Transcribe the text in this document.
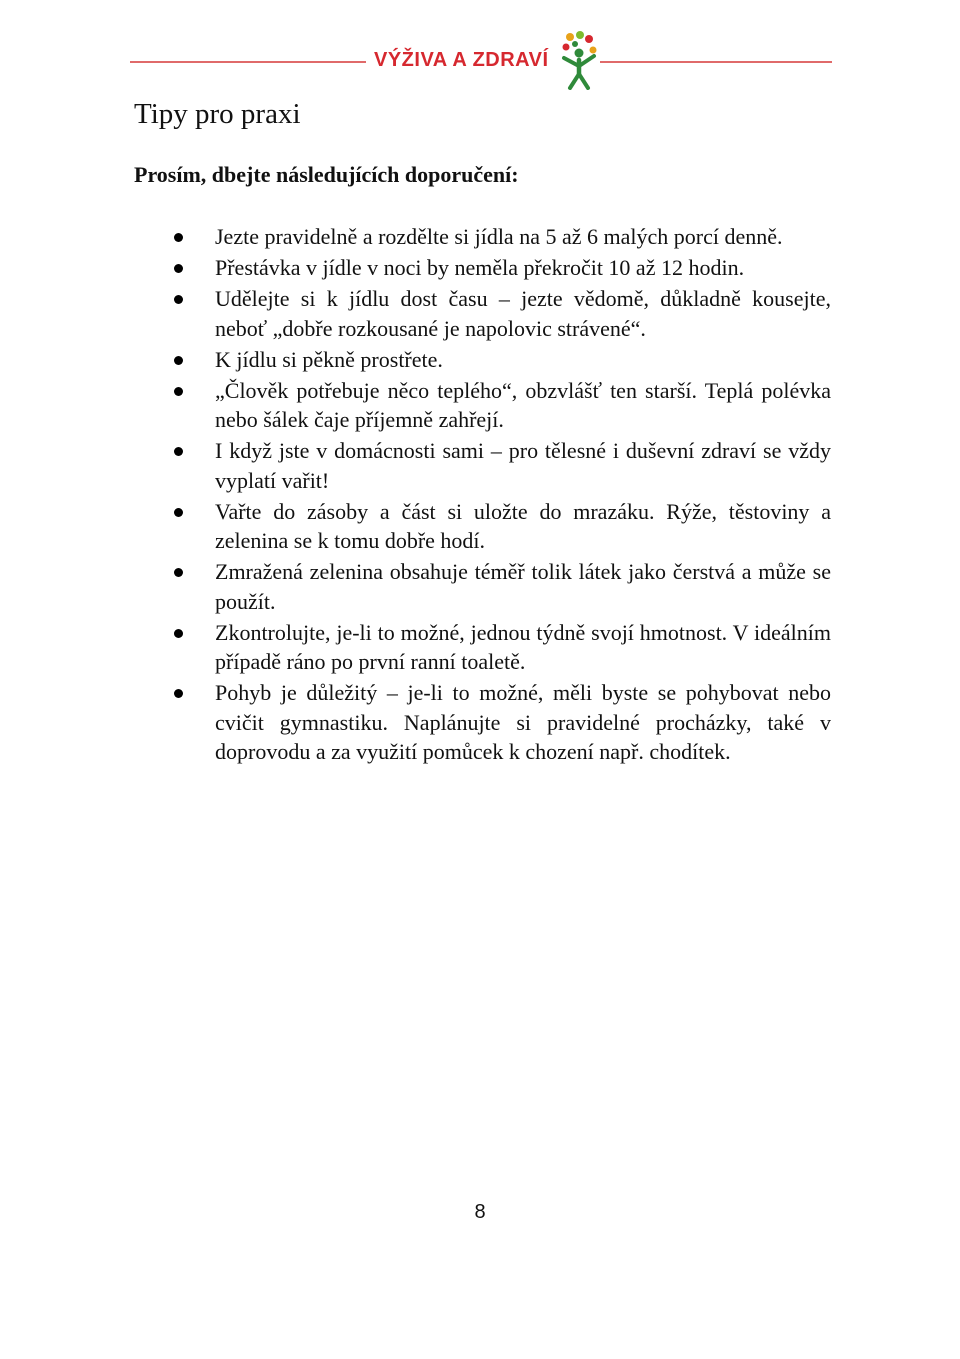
VÝŽIVA A ZDRAVÍ
Tipy pro praxi
Prosím, dbejte následujících doporučení:
Jezte pravidelně a rozdělte si jídla na 5 až 6 malých porcí denně.
Přestávka v jídle v noci by neměla překročit 10 až 12 hodin.
Udělejte si k jídlu dost času – jezte vědomě, důkladně kousejte, neboť „dobře rozkousané je napolovic strávené“.
K jídlu si pěkně prostřete.
„Člověk potřebuje něco teplého“, obzvlášť ten starší. Teplá polévka nebo šálek čaje příjemně zahřejí.
I když jste v domácnosti sami – pro tělesné i duševní zdraví se vždy vyplatí vařit!
Vařte do zásoby a část si uložte do mrazáku. Rýže, těstoviny a zelenina se k tomu dobře hodí.
Zmražená zelenina obsahuje téměř tolik látek jako čerstvá a může se použít.
Zkontrolujte, je-li to možné, jednou týdně svojí hmotnost. V ideálním případě ráno po první ranní toaletě.
Pohyb je důležitý – je-li to možné, měli byste se pohybovat nebo cvičit gymnastiku. Naplánujte si pravidelné procházky, také v doprovodu a za využití pomůcek k chození např. chodítek.
8
